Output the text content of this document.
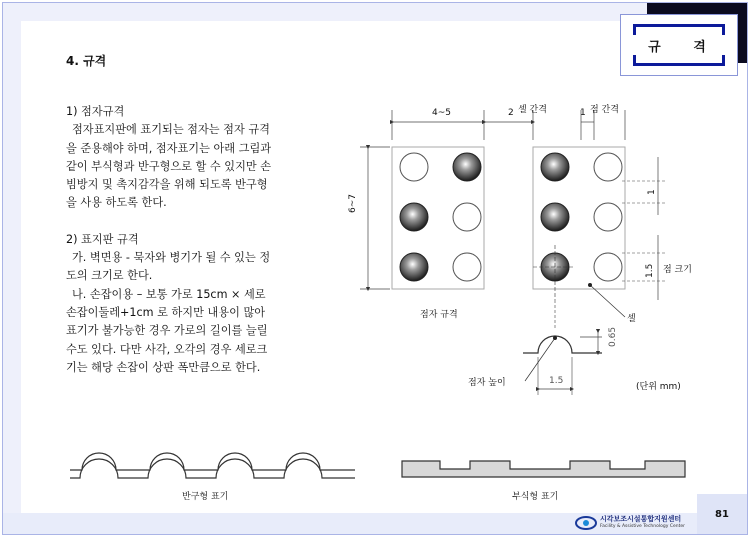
규 격
4. 규격

1) 점자규격

점자표지판에 표기되는 점자는 점자 규격을 준용해야 하며, 점자표기는 아래 그림과 같이 부식형과 반구형으로 할 수 있지만 손빔방지 및 촉지감각을 위해 되도록 반구형을 사용 하도록 한다.

2) 표지판 규격

가. 벽면용 - 묵자와 병기가 될 수 있는 정도의 크기로 한다.

나. 손잡이용 – 보통 가로 15cm × 세로 손잡이둘레+1cm 로 하지만 내용이 많아 표기가 불가능한 경우 가로의 길이를 늘릴 수도 있다. 다만 사각, 오각의 경우 세로크기는 해당 손잡이 상판 폭만큼으로 한다.

4~5	2 셀 간격	1 점 간격
6~7
1
1.5 점 크기
셀
점자 규격
0.65
점자 높이	1.5
(단위 mm)
반구형 표기	부식형 표기
시각보조시설통합지원센터
Facility & Assistive Technology Center
81
